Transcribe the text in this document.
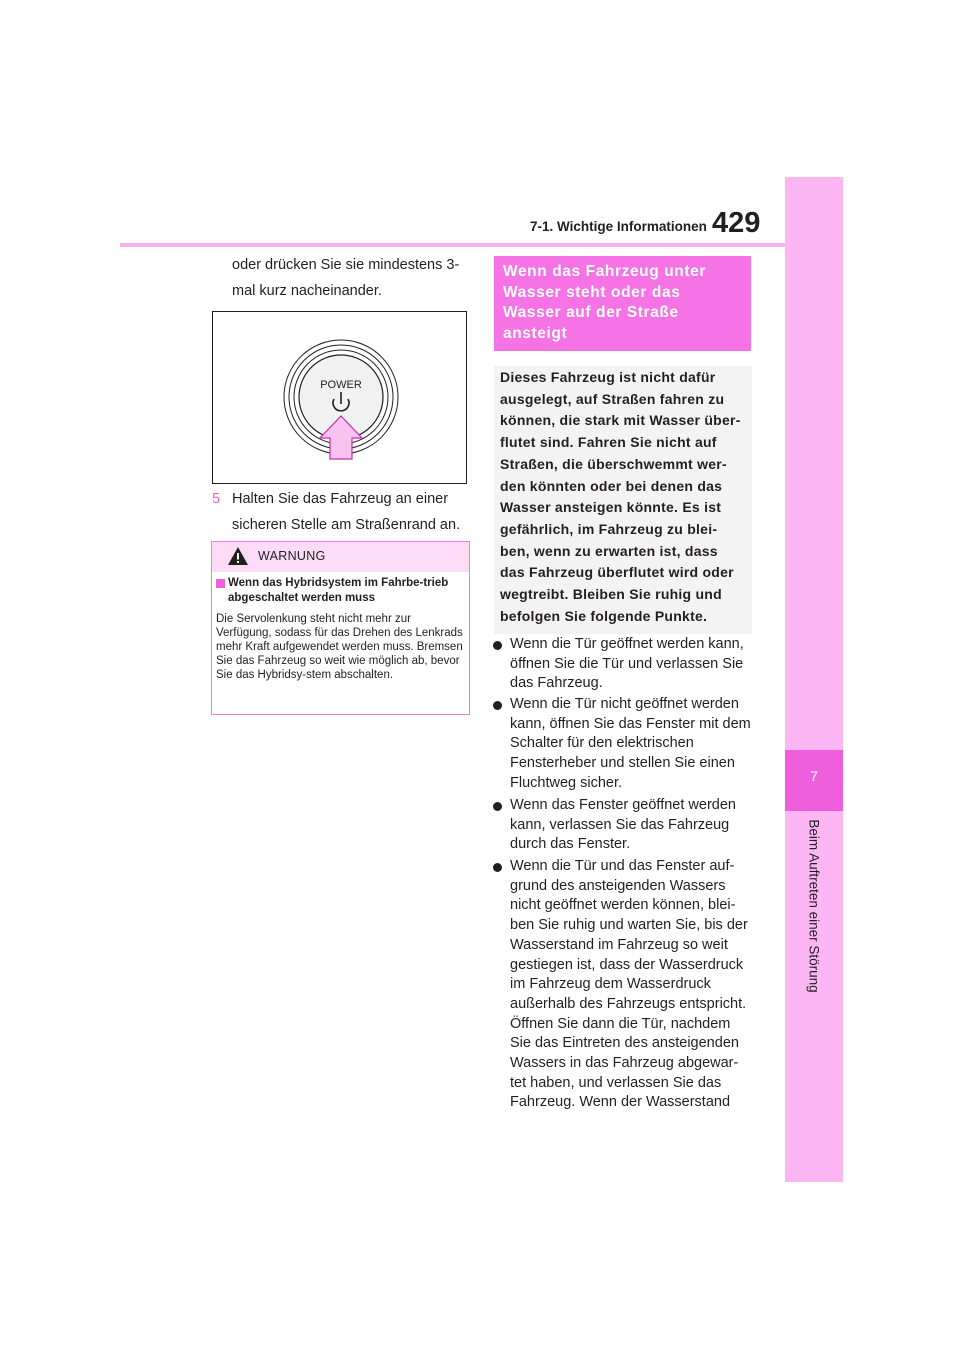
7-1. Wichtige Informationen 429
7
Beim Auftreten einer Störung
oder drücken Sie sie mindestens 3-mal kurz nacheinander.
POWER
5 Halten Sie das Fahrzeug an einer sicheren Stelle am Straßenrand an.
WARNUNG
Wenn das Hybridsystem im Fahrbe-trieb abgeschaltet werden muss
Die Servolenkung steht nicht mehr zur Verfügung, sodass für das Drehen des Lenkrads mehr Kraft aufgewendet werden muss. Bremsen Sie das Fahrzeug so weit wie möglich ab, bevor Sie das Hybridsy-stem abschalten.
Wenn das Fahrzeug unter Wasser steht oder das Wasser auf der Straße ansteigt
Dieses Fahrzeug ist nicht dafür ausgelegt, auf Straßen fahren zu können, die stark mit Wasser über-flutet sind. Fahren Sie nicht auf Straßen, die überschwemmt wer-den könnten oder bei denen das Wasser ansteigen könnte. Es ist gefährlich, im Fahrzeug zu blei-ben, wenn zu erwarten ist, dass das Fahrzeug überflutet wird oder wegtreibt. Bleiben Sie ruhig und befolgen Sie folgende Punkte.
Wenn die Tür geöffnet werden kann, öffnen Sie die Tür und verlassen Sie das Fahrzeug.
Wenn die Tür nicht geöffnet werden kann, öffnen Sie das Fenster mit dem Schalter für den elektrischen Fensterheber und stellen Sie einen Fluchtweg sicher.
Wenn das Fenster geöffnet werden kann, verlassen Sie das Fahrzeug durch das Fenster.
Wenn die Tür und das Fenster auf-grund des ansteigenden Wassers nicht geöffnet werden können, blei-ben Sie ruhig und warten Sie, bis der Wasserstand im Fahrzeug so weit gestiegen ist, dass der Wasserdruck im Fahrzeug dem Wasserdruck außerhalb des Fahrzeugs entspricht. Öffnen Sie dann die Tür, nachdem Sie das Eintreten des ansteigenden Wassers in das Fahrzeug abgewar-tet haben, und verlassen Sie das Fahrzeug. Wenn der Wasserstand
